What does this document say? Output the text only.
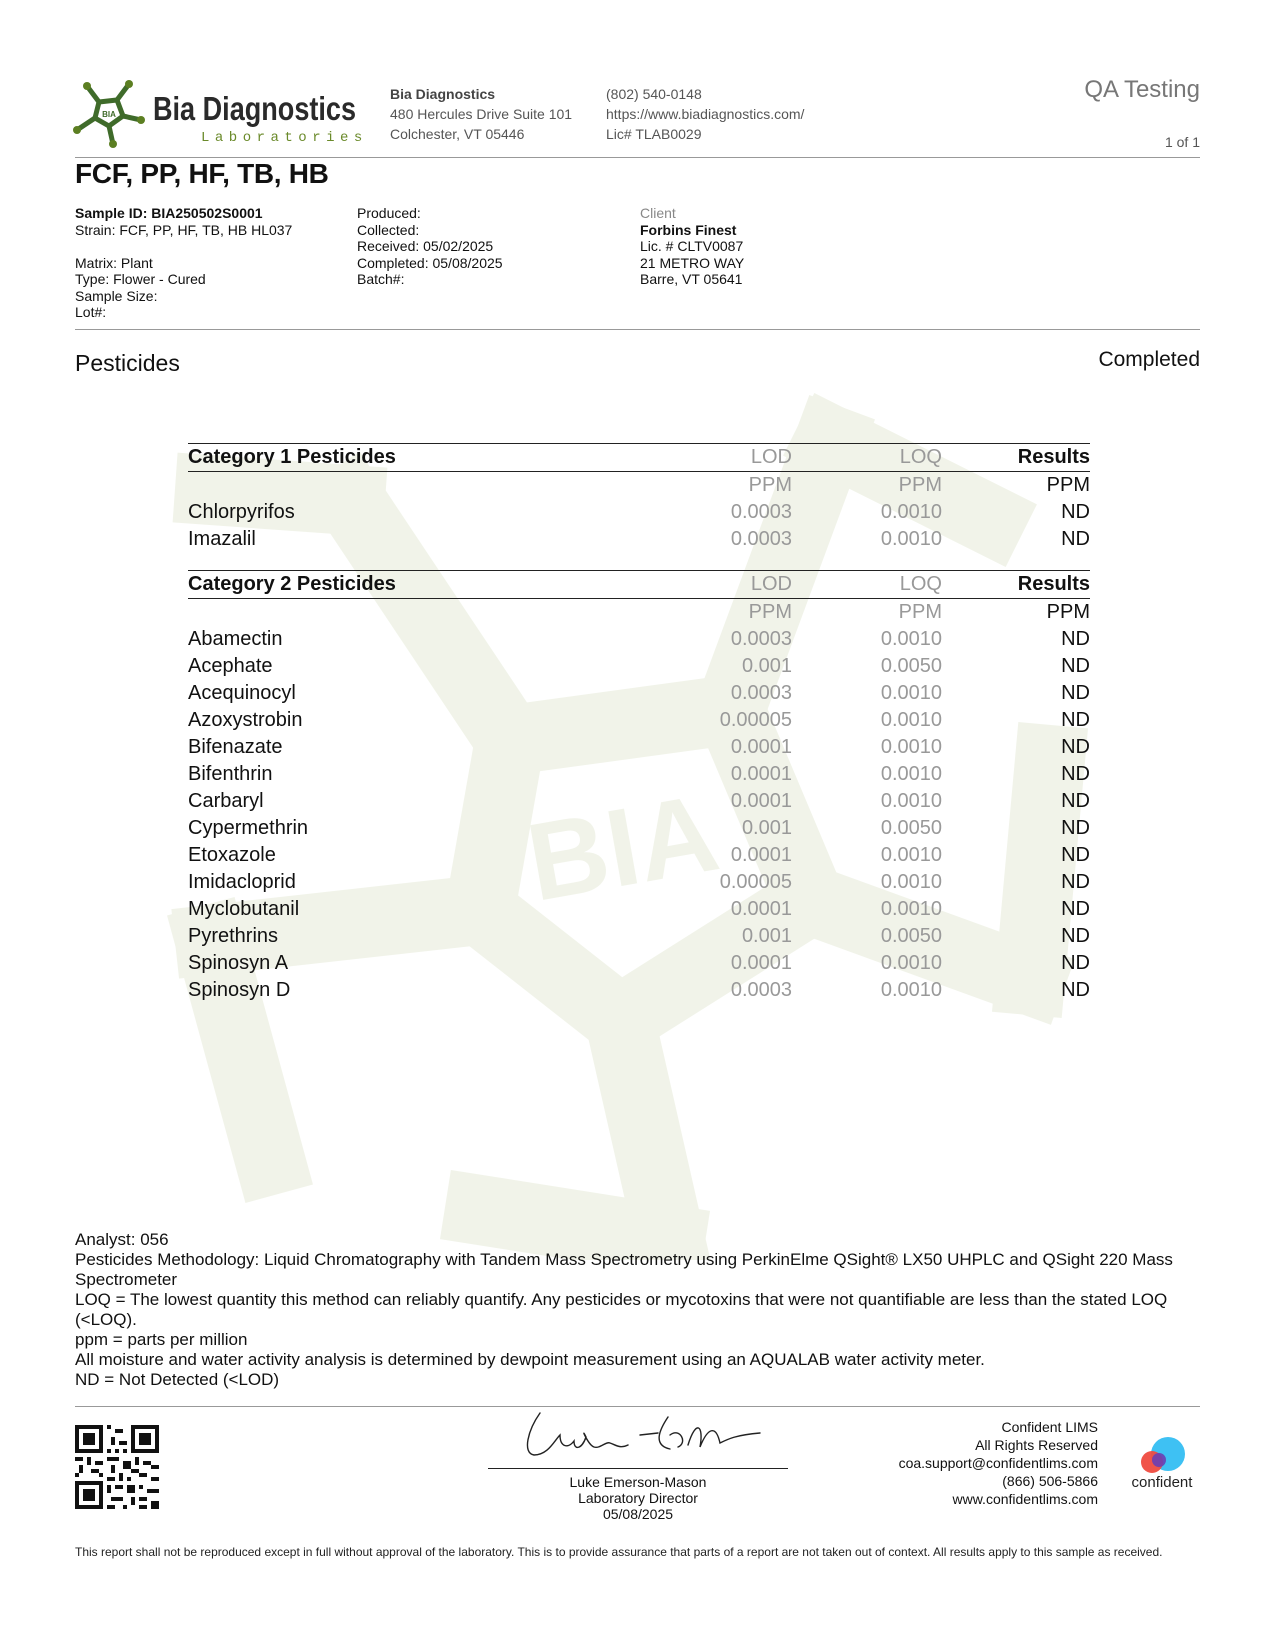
BIA
BIA Bia Diagnostics
Laboratories
Bia Diagnostics
480 Hercules Drive Suite 101
Colchester, VT 05446
(802) 540-0148
https://www.biadiagnostics.com/
Lic# TLAB0029
QA Testing
1 of 1
FCF, PP, HF, TB, HB
Sample ID: BIA250502S0001
Strain: FCF, PP, HF, TB, HB HL037
Matrix: Plant
Type: Flower - Cured
Sample Size:
Lot#:
Produced:
Collected:
Received: 05/02/2025
Completed: 05/08/2025
Batch#:
Client
Forbins Finest
Lic. # CLTV0087
21 METRO WAY
Barre, VT 05641
Pesticides	Completed
Category 1 Pesticides	LOD	LOQ	Results
	PPM	PPM	PPM
Chlorpyrifos	0.0003	0.0010	ND
Imazalil	0.0003	0.0010	ND
Category 2 Pesticides	LOD	LOQ	Results
	PPM	PPM	PPM
Abamectin	0.0003	0.0010	ND
Acephate	0.001	0.0050	ND
Acequinocyl	0.0003	0.0010	ND
Azoxystrobin	0.00005	0.0010	ND
Bifenazate	0.0001	0.0010	ND
Bifenthrin	0.0001	0.0010	ND
Carbaryl	0.0001	0.0010	ND
Cypermethrin	0.001	0.0050	ND
Etoxazole	0.0001	0.0010	ND
Imidacloprid	0.00005	0.0010	ND
Myclobutanil	0.0001	0.0010	ND
Pyrethrins	0.001	0.0050	ND
Spinosyn A	0.0001	0.0010	ND
Spinosyn D	0.0003	0.0010	ND
Analyst: 056
Pesticides Methodology: Liquid Chromatography with Tandem Mass Spectrometry using PerkinElme QSight® LX50 UHPLC and QSight 220 Mass Spectrometer
LOQ = The lowest quantity this method can reliably quantify. Any pesticides or mycotoxins that were not quantifiable are less than the stated LOQ (<LOQ).
ppm = parts per million
All moisture and water activity analysis is determined by dewpoint measurement using an AQUALAB water activity meter.
ND = Not Detected (<LOD)
Luke E-M
Luke Emerson-Mason
Laboratory Director
05/08/2025
Confident LIMS
All Rights Reserved
coa.support@confidentlims.com
(866) 506-5866
www.confidentlims.com
confident
This report shall not be reproduced except in full without approval of the laboratory. This is to provide assurance that parts of a report are not taken out of context. All results apply to this sample as received.
